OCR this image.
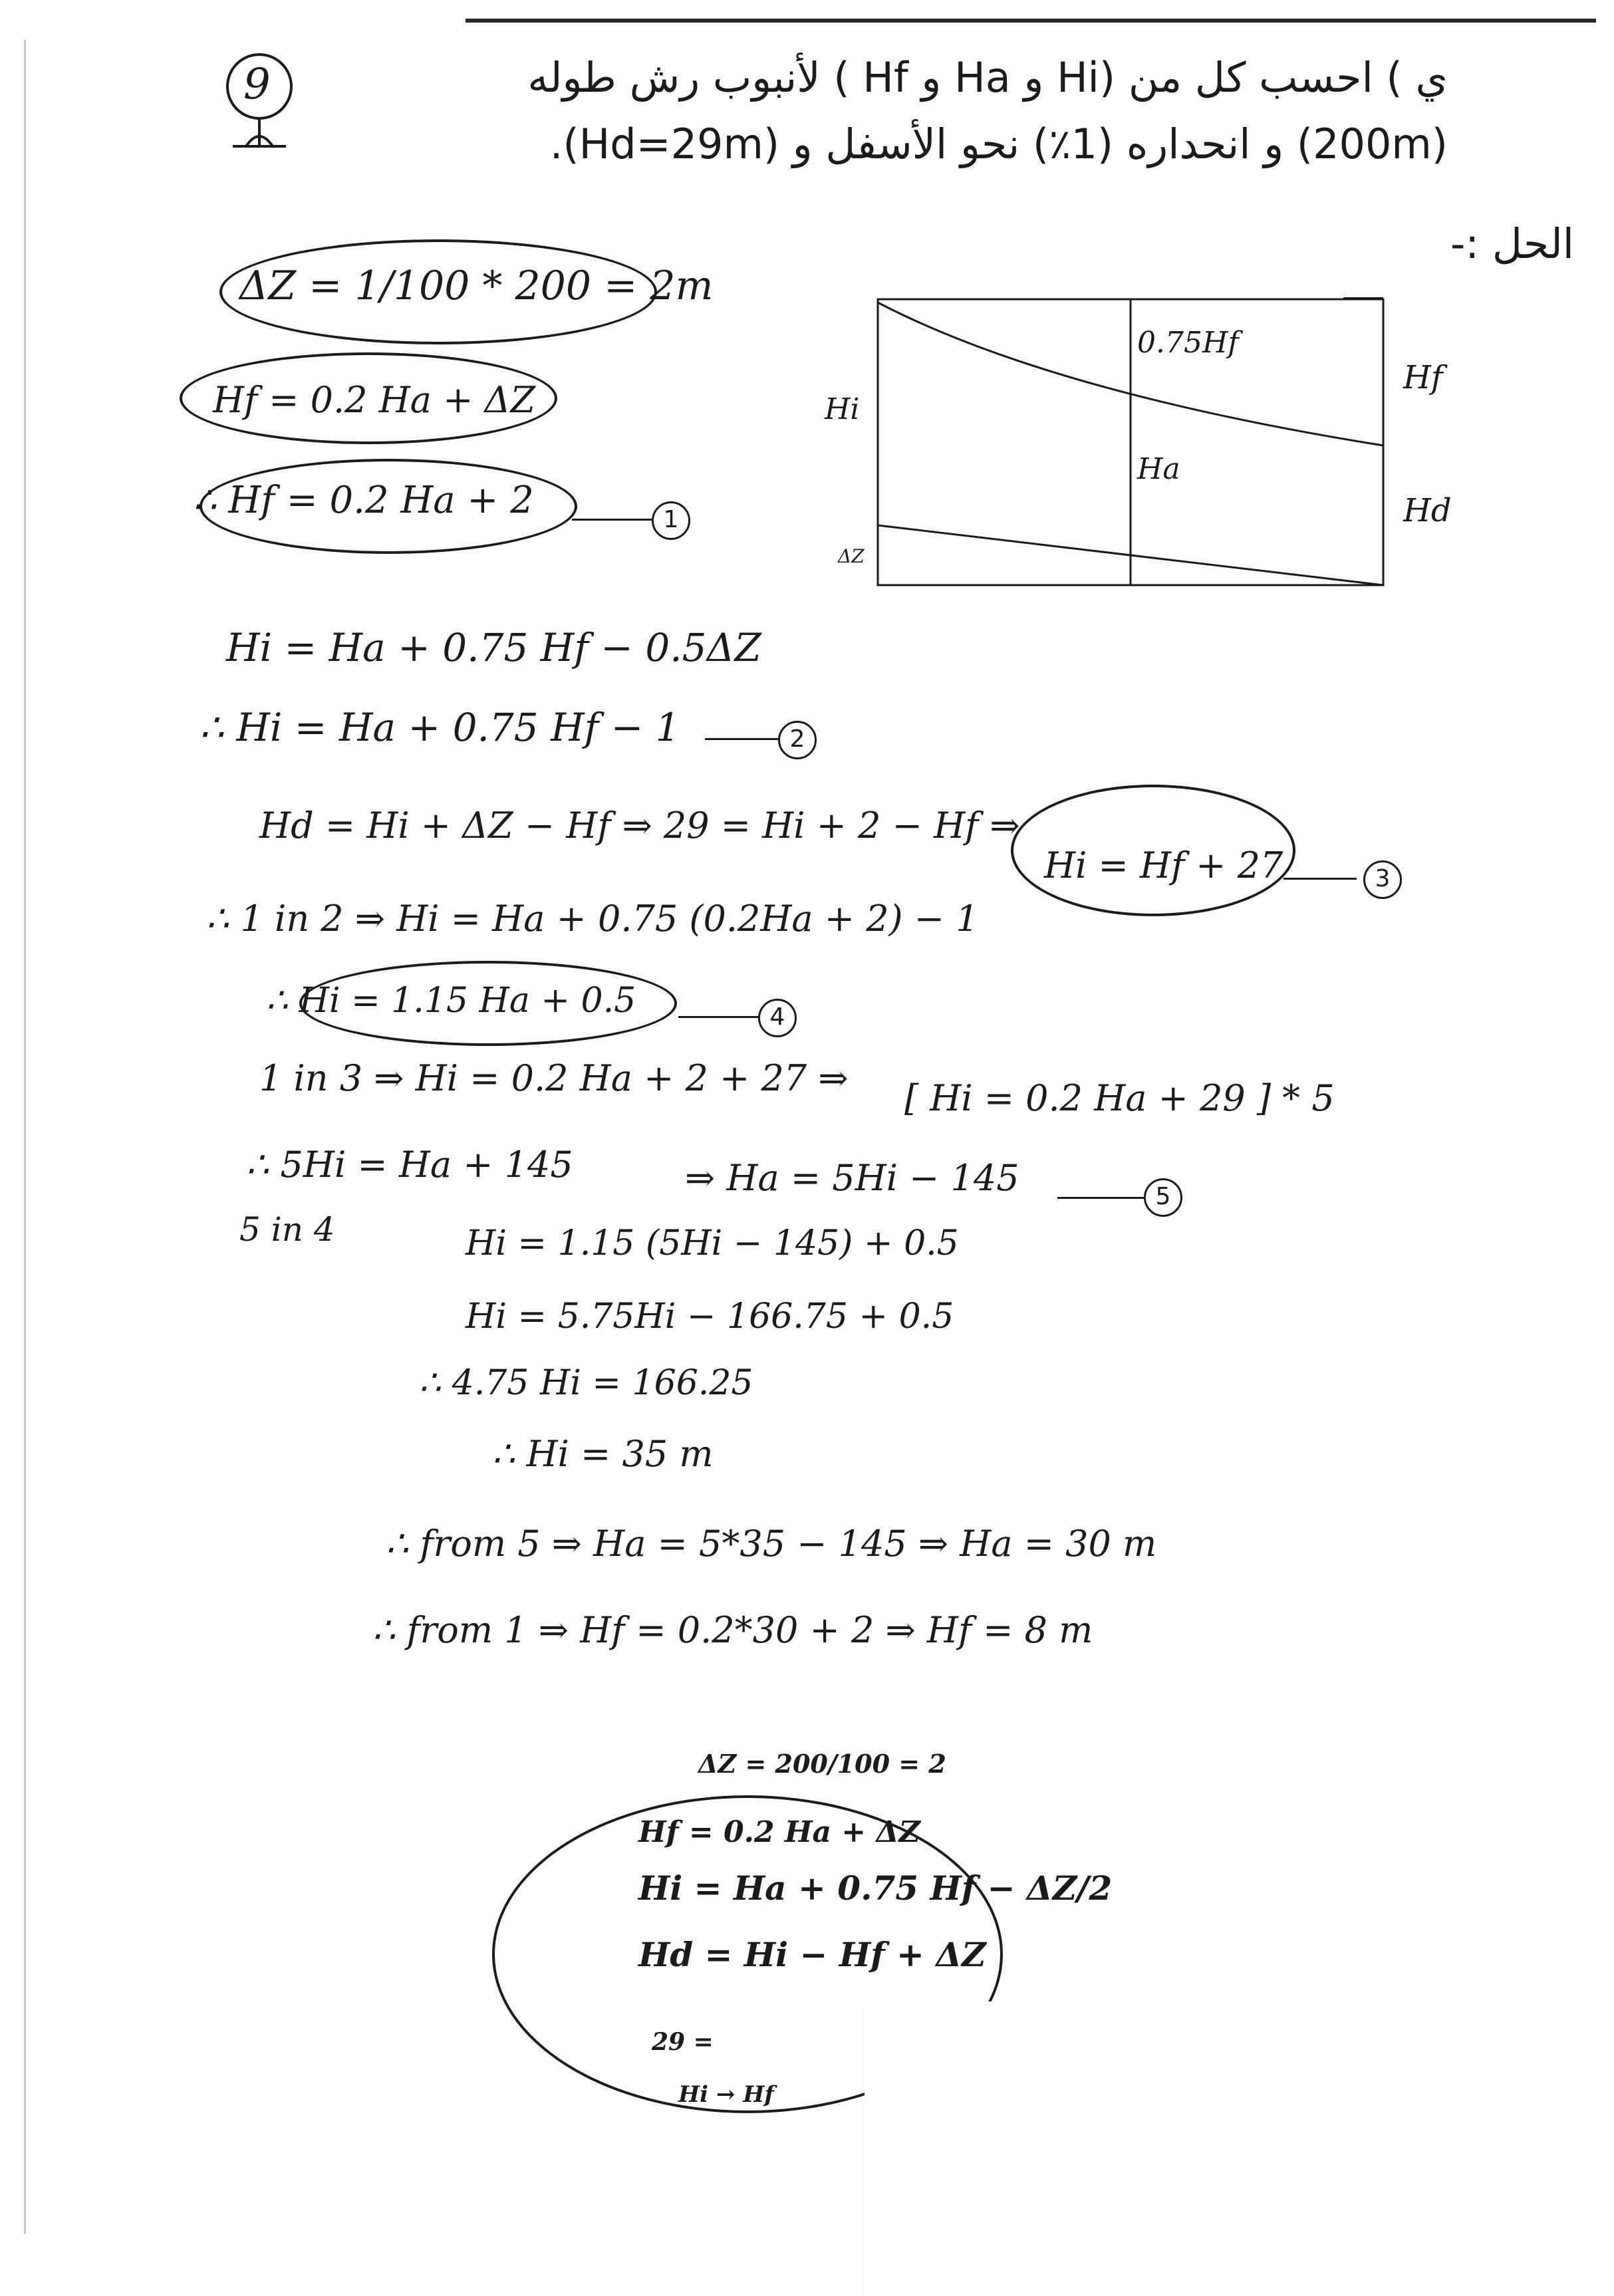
9	ي ) احسب كل من (Hi و Ha و Hf ) لأنبوب رش طوله
(200m) و انحداره (1٪) نحو الأسفل و (Hd=29m).
الحل :-
ΔZ = 1/100 * 200 = 2m
Hf = 0.2 Ha + ΔZ
∴ Hf = 0.2 Ha + 2	1
Hi
0.75Hf
Hf
Ha
Hd
ΔZ
Hi = Ha + 0.75 Hf − 0.5ΔZ
∴ Hi = Ha + 0.75 Hf − 1	2
Hd = Hi + ΔZ − Hf ⇒ 29 = Hi + 2 − Hf ⇒
Hi = Hf + 27	3
∴ 1 in 2 ⇒ Hi = Ha + 0.75 (0.2Ha + 2) − 1
∴ Hi = 1.15 Ha + 0.5	4
1 in 3 ⇒ Hi = 0.2 Ha + 2 + 27 ⇒ [ Hi = 0.2 Ha + 29 ] * 5
∴ 5Hi = Ha + 145	⇒ Ha = 5Hi − 145	5
5 in 4	Hi = 1.15 (5Hi − 145) + 0.5
Hi = 5.75Hi − 166.75 + 0.5
∴ 4.75 Hi = 166.25
∴ Hi = 35 m
∴ from 5 ⇒ Ha = 5*35 − 145 ⇒ Ha = 30 m
∴ from 1 ⇒ Hf = 0.2*30 + 2 ⇒ Hf = 8 m
ΔZ = 200/100 = 2
Hf = 0.2 Ha + ΔZ
Hi = Ha + 0.75 Hf − ΔZ/2
Hd = Hi − Hf + ΔZ
29 =
Hi → Hf
